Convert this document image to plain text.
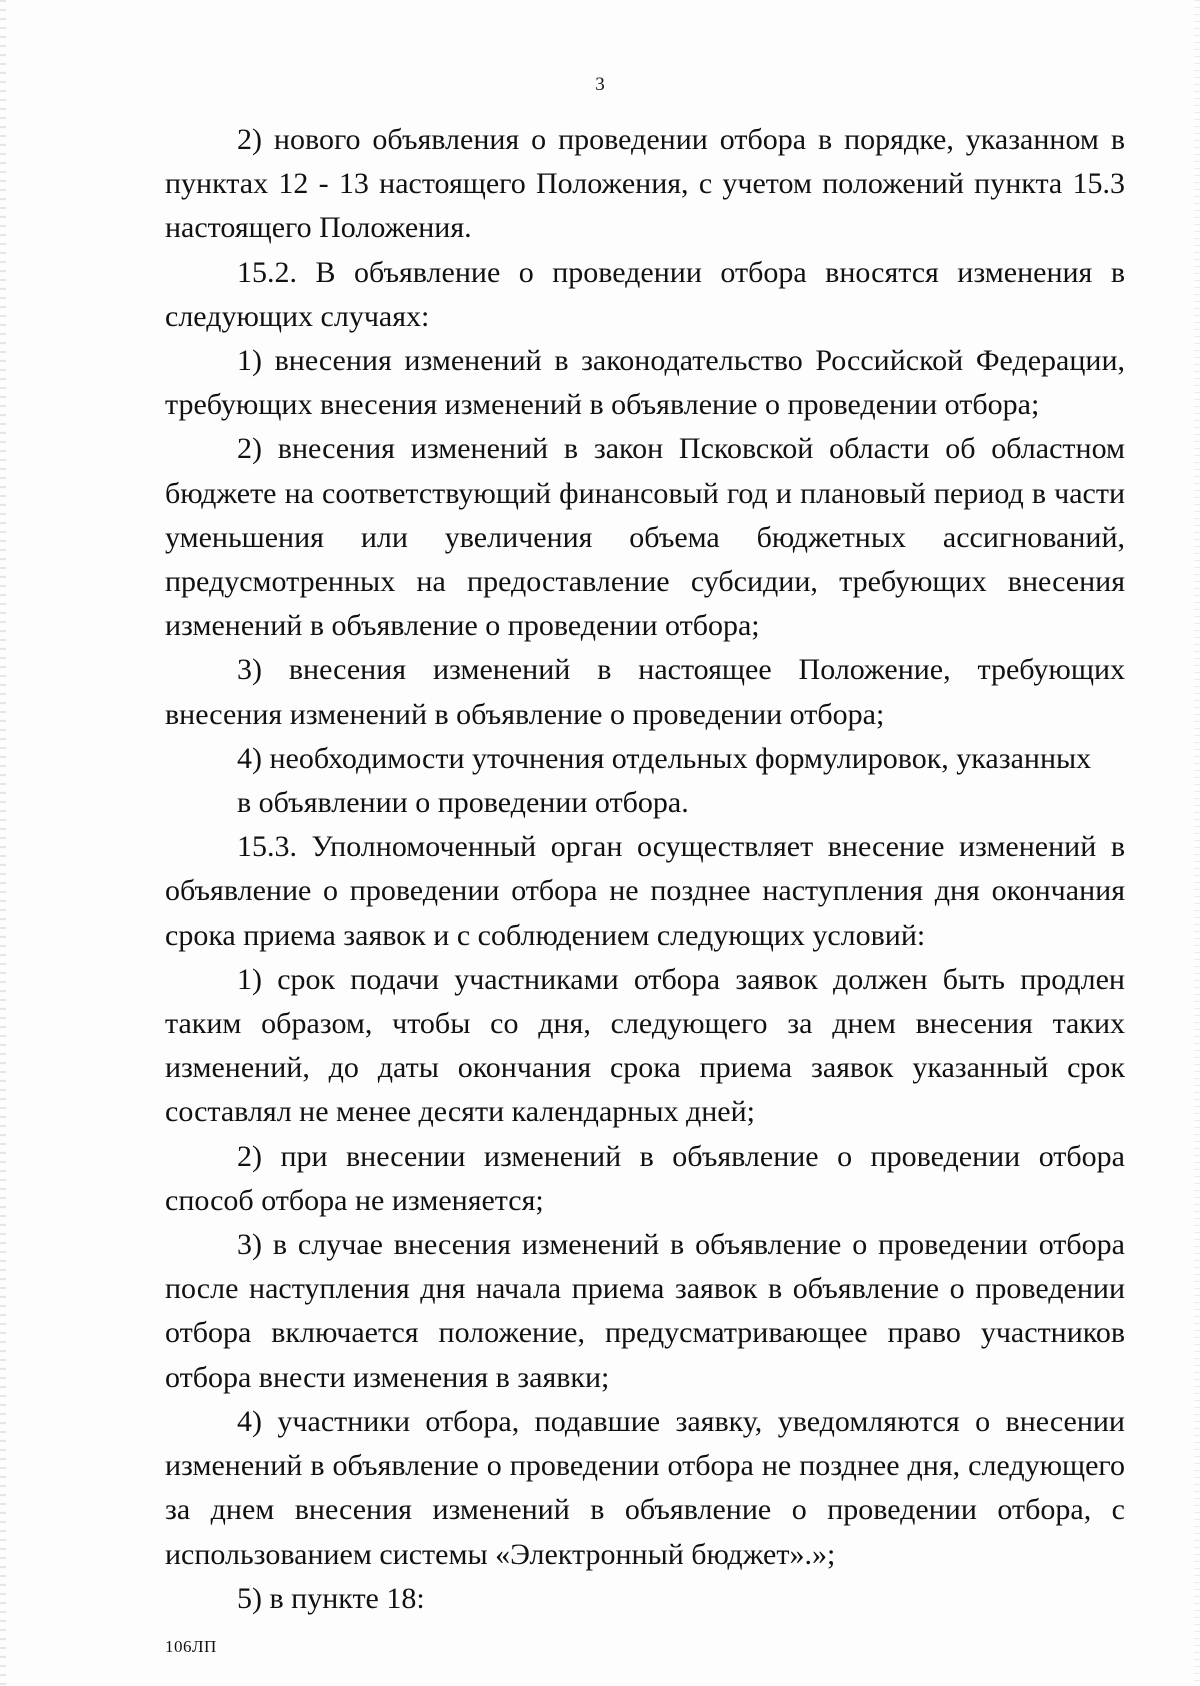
3

2) нового объявления о проведении отбора в порядке, указанном в пунктах 12 - 13 настоящего Положения, с учетом положений пункта 15.3 настоящего Положения.

15.2. В объявление о проведении отбора вносятся изменения в следующих случаях:

1) внесения изменений в законодательство Российской Федерации, требующих внесения изменений в объявление о проведении отбора;

2) внесения изменений в закон Псковской области об областном бюджете на соответствующий финансовый год и плановый период в части уменьшения или увеличения объема бюджетных ассигнований, предусмотренных на предоставление субсидии, требующих внесения изменений в объявление о проведении отбора;

3) внесения изменений в настоящее Положение, требующих внесения изменений в объявление о проведении отбора;

4) необходимости уточнения отдельных формулировок, указанных

в объявлении о проведении отбора.

15.3. Уполномоченный орган осуществляет внесение изменений в объявление о проведении отбора не позднее наступления дня окончания срока приема заявок и с соблюдением следующих условий:

1) срок подачи участниками отбора заявок должен быть продлен таким образом, чтобы со дня, следующего за днем внесения таких изменений, до даты окончания срока приема заявок указанный срок составлял не менее десяти календарных дней;

2) при внесении изменений в объявление о проведении отбора способ отбора не изменяется;

3) в случае внесения изменений в объявление о проведении отбора после наступления дня начала приема заявок в объявление о проведении отбора включается положение, предусматривающее право участников отбора внести изменения в заявки;

4) участники отбора, подавшие заявку, уведомляются о внесении изменений в объявление о проведении отбора не позднее дня, следующего за днем внесения изменений в объявление о проведении отбора, с использованием системы «Электронный бюджет».»;

5) в пункте 18:

106ЛП
